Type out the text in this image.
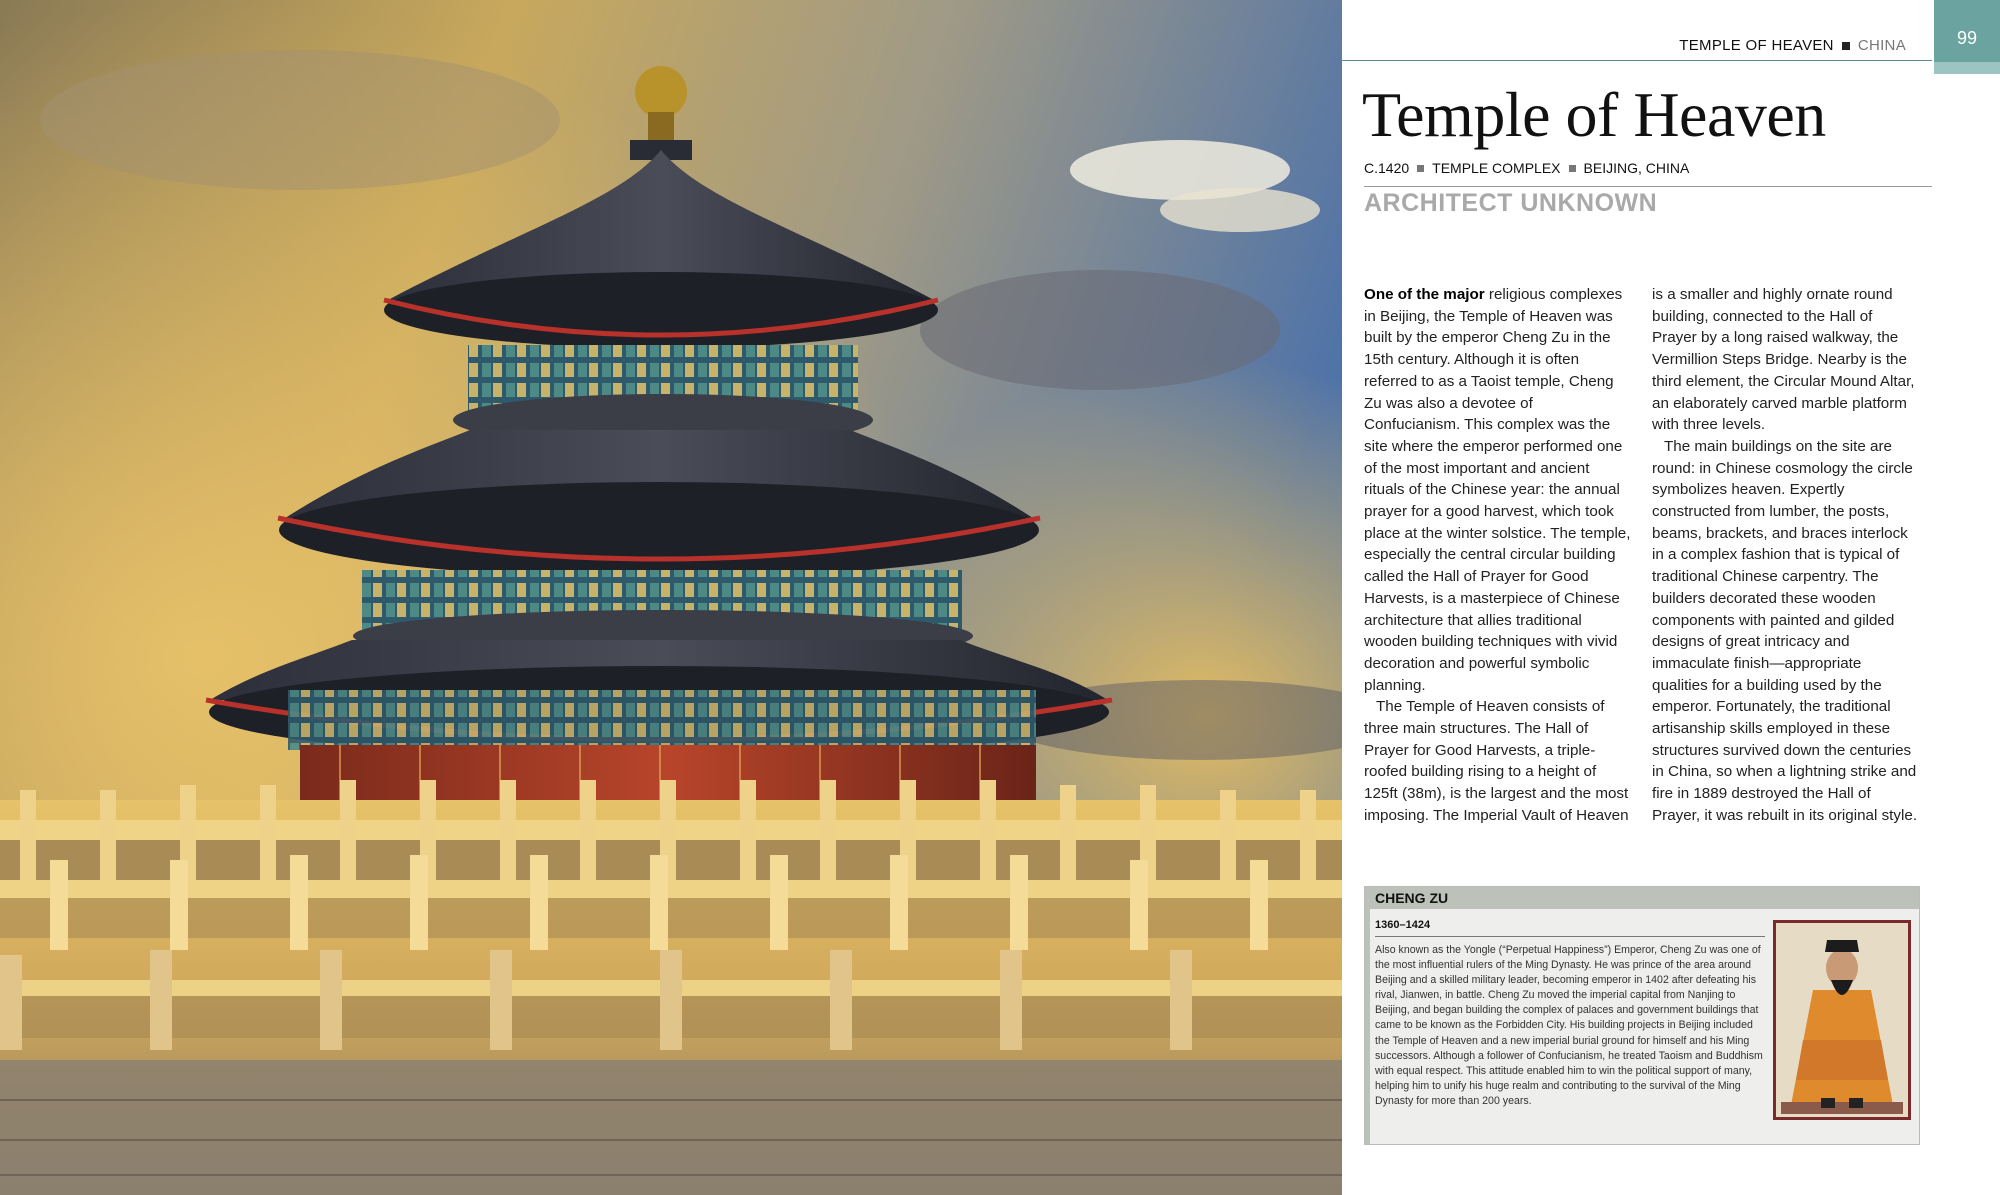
TEMPLE OF HEAVEN CHINA	99
Temple of Heaven
C.1420 TEMPLE COMPLEX BEIJING, CHINA
ARCHITECT UNKNOWN

One of the major religious complexes in Beijing, the Temple of Heaven was built by the emperor Cheng Zu in the 15th century. Although it is often referred to as a Taoist temple, Cheng Zu was also a devotee of Confucianism. This complex was the site where the emperor performed one of the most important and ancient rituals of the Chinese year: the annual prayer for a good harvest, which took place at the winter solstice. The temple, especially the central circular building called the Hall of Prayer for Good Harvests, is a masterpiece of Chinese architecture that allies traditional wooden building techniques with vivid decoration and powerful symbolic planning.

The Temple of Heaven consists of three main structures. The Hall of Prayer for Good Harvests, a triple-roofed building rising to a height of 125ft (38m), is the largest and the most imposing. The Imperial Vault of Heaven is a smaller and highly ornate round building, connected to the Hall of Prayer by a long raised walkway, the Vermillion Steps Bridge. Nearby is the third element, the Circular Mound Altar, an elaborately carved marble platform with three levels.

The main buildings on the site are round: in Chinese cosmology the circle symbolizes heaven. Expertly constructed from lumber, the posts, beams, brackets, and braces interlock in a complex fashion that is typical of traditional Chinese carpentry. The builders decorated these wooden components with painted and gilded designs of great intricacy and immaculate finish—appropriate qualities for a building used by the emperor. Fortunately, the traditional artisanship skills employed in these structures survived down the centuries in China, so when a lightning strike and fire in 1889 destroyed the Hall of Prayer, it was rebuilt in its original style.

CHENG ZU
1360–1424
Also known as the Yongle (“Perpetual Happiness”) Emperor, Cheng Zu was one of the most influential rulers of the Ming Dynasty. He was prince of the area around Beijing and a skilled military leader, becoming emperor in 1402 after defeating his rival, Jianwen, in battle. Cheng Zu moved the imperial capital from Nanjing to Beijing, and began building the complex of palaces and government buildings that came to be known as the Forbidden City. His building projects in Beijing included the Temple of Heaven and a new imperial burial ground for himself and his Ming successors. Although a follower of Confucianism, he treated Taoism and Buddhism with equal respect. This attitude enabled him to win the political support of many, helping him to unify his huge realm and contributing to the survival of the Ming Dynasty for more than 200 years.
